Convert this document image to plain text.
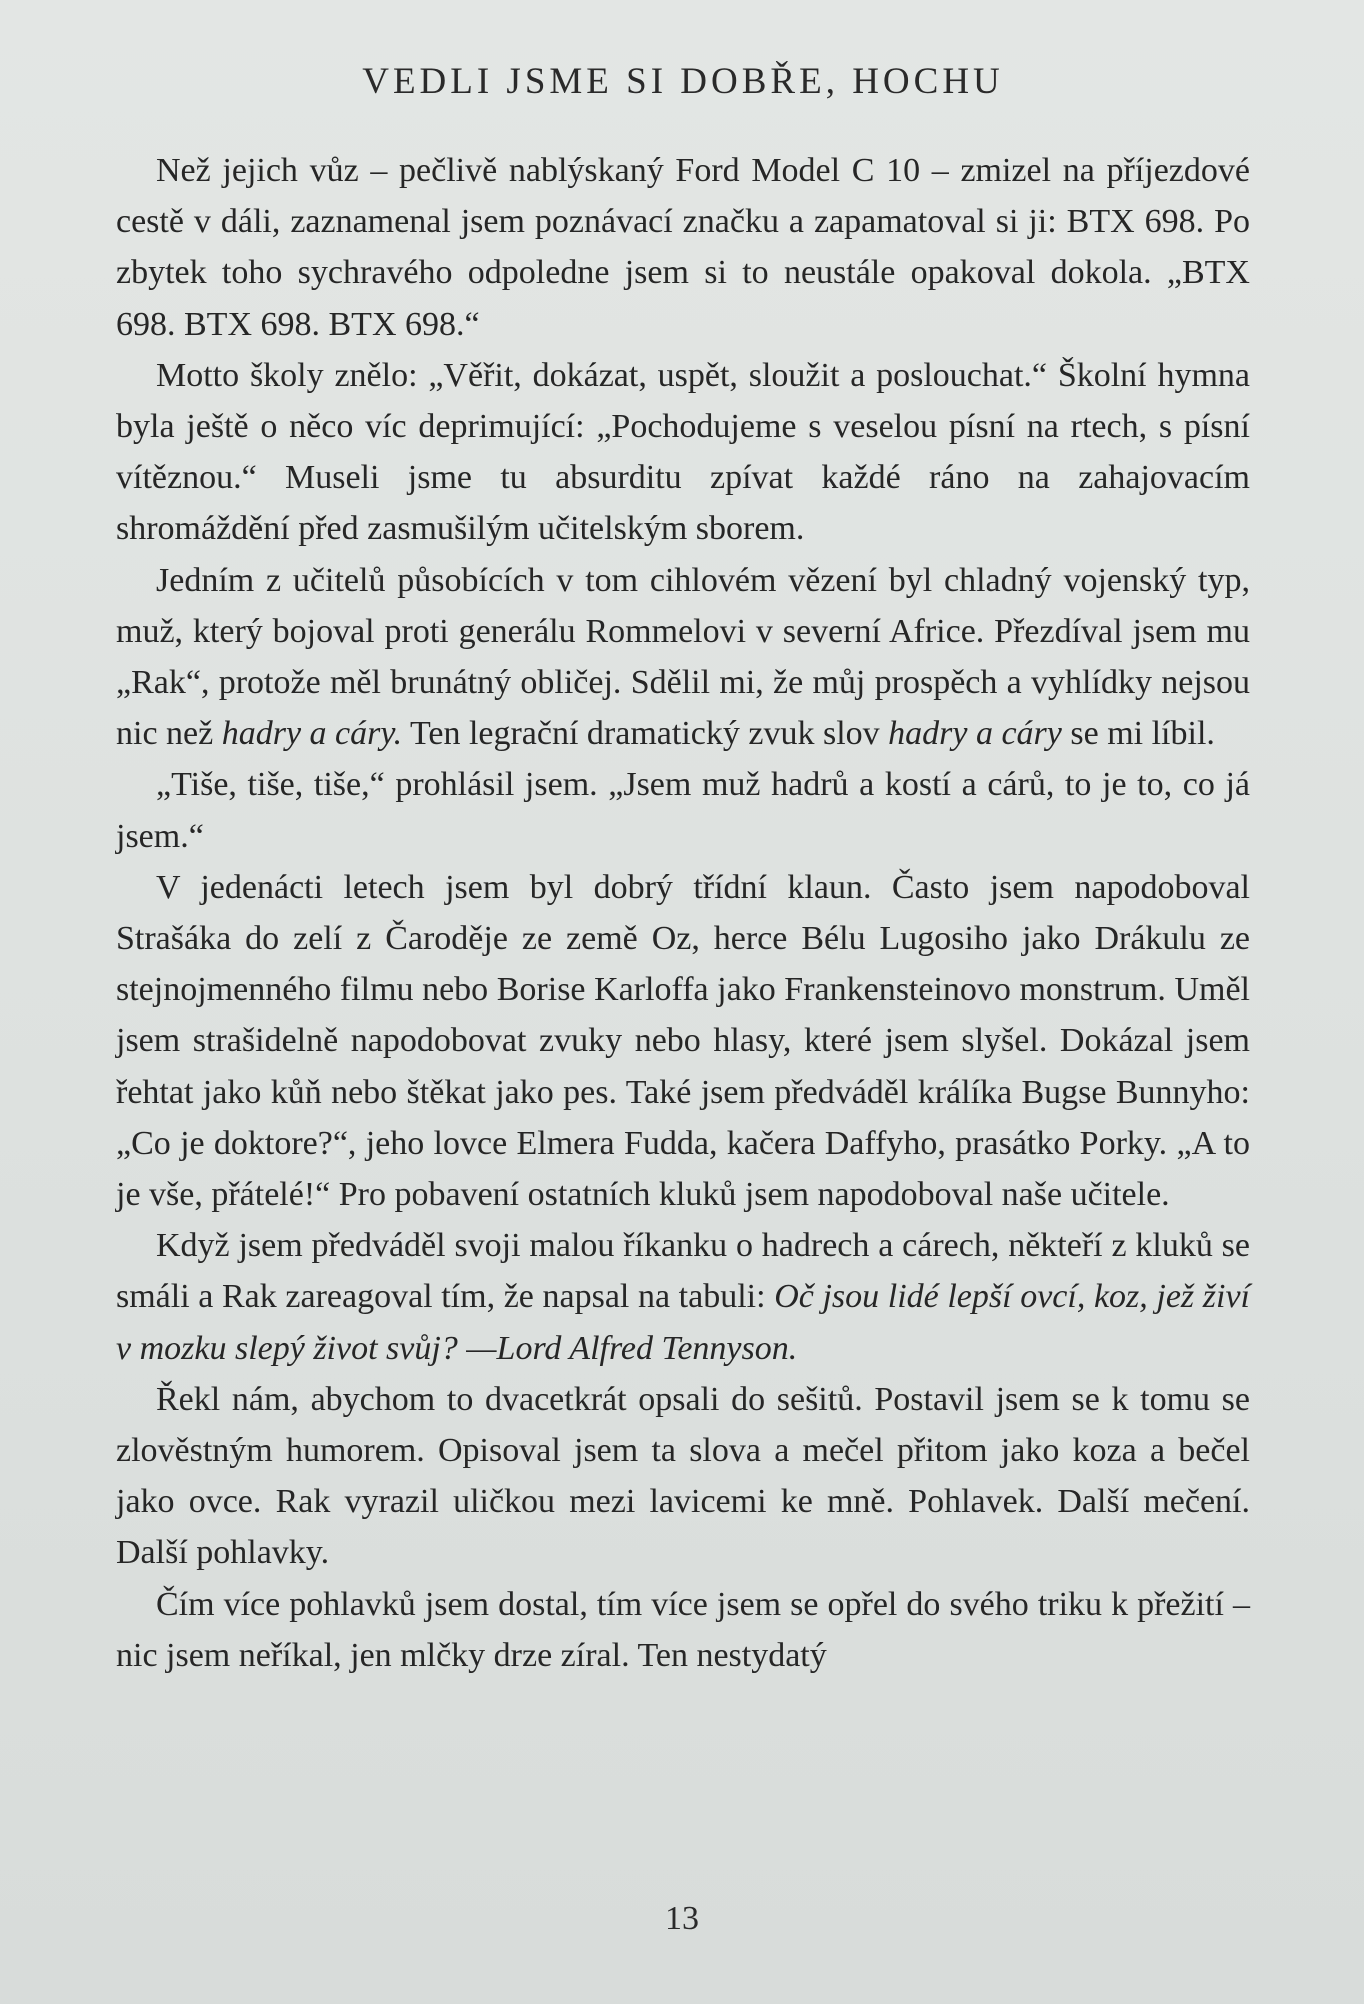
VEDLI JSME SI DOBŘE, HOCHU

Než jejich vůz – pečlivě nablýskaný Ford Model C 10 – zmizel na příjezdové cestě v dáli, zaznamenal jsem poznávací značku a zapamatoval si ji: BTX 698. Po zbytek toho sychravého odpoledne jsem si to neustále opakoval dokola. „BTX 698. BTX 698. BTX 698.“

Motto školy znělo: „Věřit, dokázat, uspět, sloužit a poslouchat.“ Školní hymna byla ještě o něco víc deprimující: „Pochodujeme s veselou písní na rtech, s písní vítěznou.“ Museli jsme tu absurditu zpívat každé ráno na zahajovacím shromáždění před zasmušilým učitelským sborem.

Jedním z učitelů působících v tom cihlovém vězení byl chladný vojenský typ, muž, který bojoval proti generálu Rommelovi v severní Africe. Přezdíval jsem mu „Rak“, protože měl brunátný obličej. Sdělil mi, že můj prospěch a vyhlídky nejsou nic než hadry a cáry. Ten legrační dramatický zvuk slov hadry a cáry se mi líbil.

„Tiše, tiše, tiše,“ prohlásil jsem. „Jsem muž hadrů a kostí a cárů, to je to, co já jsem.“

V jedenácti letech jsem byl dobrý třídní klaun. Často jsem napodoboval Strašáka do zelí z Čaroděje ze země Oz, herce Bélu Lugosiho jako Drákulu ze stejnojmenného filmu nebo Borise Karloffa jako Frankensteinovo monstrum. Uměl jsem strašidelně napodobovat zvuky nebo hlasy, které jsem slyšel. Dokázal jsem řehtat jako kůň nebo štěkat jako pes. Také jsem předváděl králíka Bugse Bunnyho: „Co je doktore?“, jeho lovce Elmera Fudda, kačera Daffyho, prasátko Porky. „A to je vše, přátelé!“ Pro pobavení ostatních kluků jsem napodoboval naše učitele.

Když jsem předváděl svoji malou říkanku o hadrech a cárech, někteří z kluků se smáli a Rak zareagoval tím, že napsal na tabuli: Oč jsou lidé lepší ovcí, koz, jež živí v mozku slepý život svůj? —Lord Alfred Tennyson.

Řekl nám, abychom to dvacetkrát opsali do sešitů. Postavil jsem se k tomu se zlověstným humorem. Opisoval jsem ta slova a mečel přitom jako koza a bečel jako ovce. Rak vyrazil uličkou mezi lavicemi ke mně. Pohlavek. Další mečení. Další pohlavky.

Čím více pohlavků jsem dostal, tím více jsem se opřel do svého triku k přežití – nic jsem neříkal, jen mlčky drze zíral. Ten nestydatý

13
